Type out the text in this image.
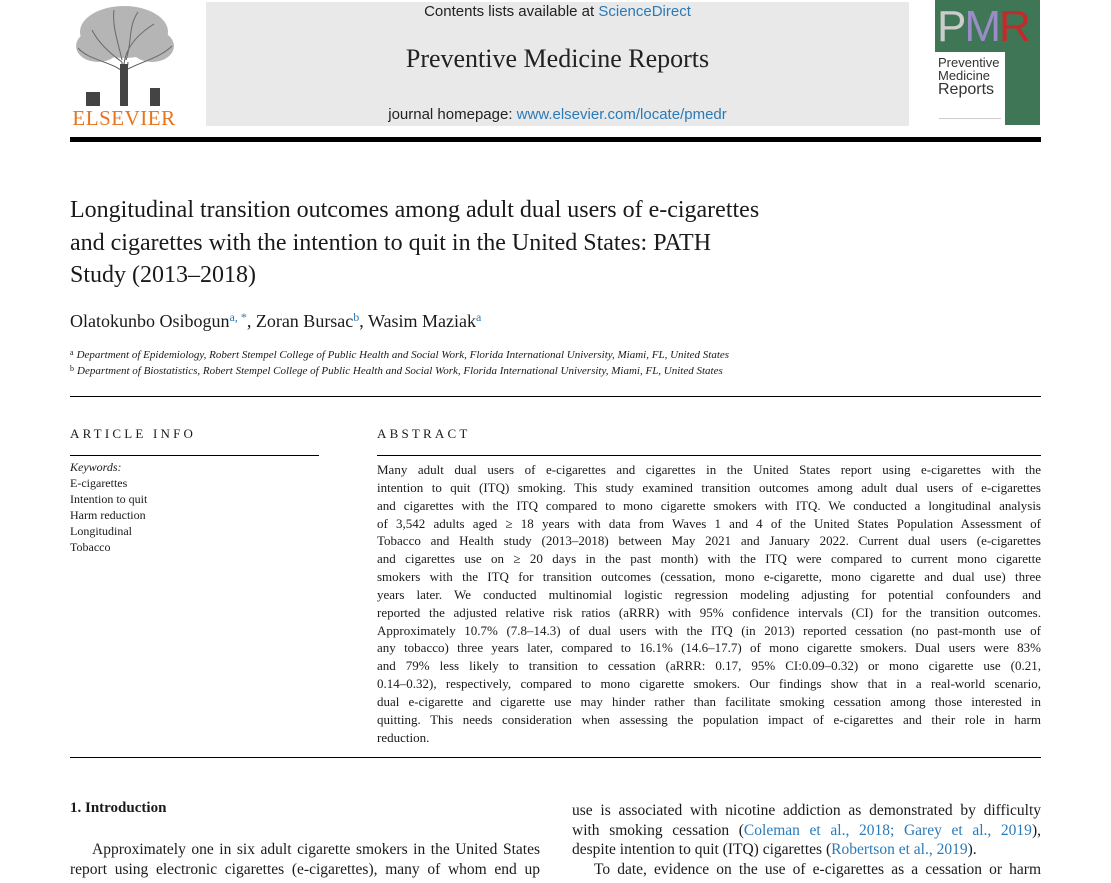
ELSEVIER
Contents lists available at ScienceDirect
Preventive Medicine Reports
journal homepage: www.elsevier.com/locate/pmedr
PMR
Preventive
Medicine
Reports
Longitudinal transition outcomes among adult dual users of e-cigarettes
and cigarettes with the intention to quit in the United States: PATH
Study (2013–2018)
Olatokunbo Osibogun$^{a, *}$, Zoran Bursac$^b$, Wasim Maziak$^a$
$^a$ Department of Epidemiology, Robert Stempel College of Public Health and Social Work, Florida International University, Miami, FL, United States
$^b$ Department of Biostatistics, Robert Stempel College of Public Health and Social Work, Florida International University, Miami, FL, United States
ARTICLE INFO
Keywords:
E-cigarettes
Intention to quit
Harm reduction
Longitudinal
Tobacco
ABSTRACT
Many adult dual users of e-cigarettes and cigarettes in the United States report using e-cigarettes with the
intention to quit (ITQ) smoking. This study examined transition outcomes among adult dual users of e-cigarettes
and cigarettes with the ITQ compared to mono cigarette smokers with ITQ. We conducted a longitudinal analysis
of 3,542 adults aged ≥ 18 years with data from Waves 1 and 4 of the United States Population Assessment of
Tobacco and Health study (2013–2018) between May 2021 and January 2022. Current dual users (e-cigarettes
and cigarettes use on ≥ 20 days in the past month) with the ITQ were compared to current mono cigarette
smokers with the ITQ for transition outcomes (cessation, mono e-cigarette, mono cigarette and dual use) three
years later. We conducted multinomial logistic regression modeling adjusting for potential confounders and
reported the adjusted relative risk ratios (aRRR) with 95% confidence intervals (CI) for the transition outcomes.
Approximately 10.7% (7.8–14.3) of dual users with the ITQ (in 2013) reported cessation (no past-month use of
any tobacco) three years later, compared to 16.1% (14.6–17.7) of mono cigarette smokers. Dual users were 83%
and 79% less likely to transition to cessation (aRRR: 0.17, 95% CI:0.09–0.32) or mono cigarette use (0.21,
0.14–0.32), respectively, compared to mono cigarette smokers. Our findings show that in a real-world scenario,
dual e-cigarette and cigarette use may hinder rather than facilitate smoking cessation among those interested in
quitting. This needs consideration when assessing the population impact of e-cigarettes and their role in harm
reduction.
1. Introduction
Approximately one in six adult cigarette smokers in the United States
report using electronic cigarettes (e-cigarettes), many of whom end up
use is associated with nicotine addiction as demonstrated by difficulty
with smoking cessation (Coleman et al., 2018; Garey et al., 2019),
despite intention to quit (ITQ) cigarettes (Robertson et al., 2019).
To date, evidence on the use of e-cigarettes as a cessation or harm
